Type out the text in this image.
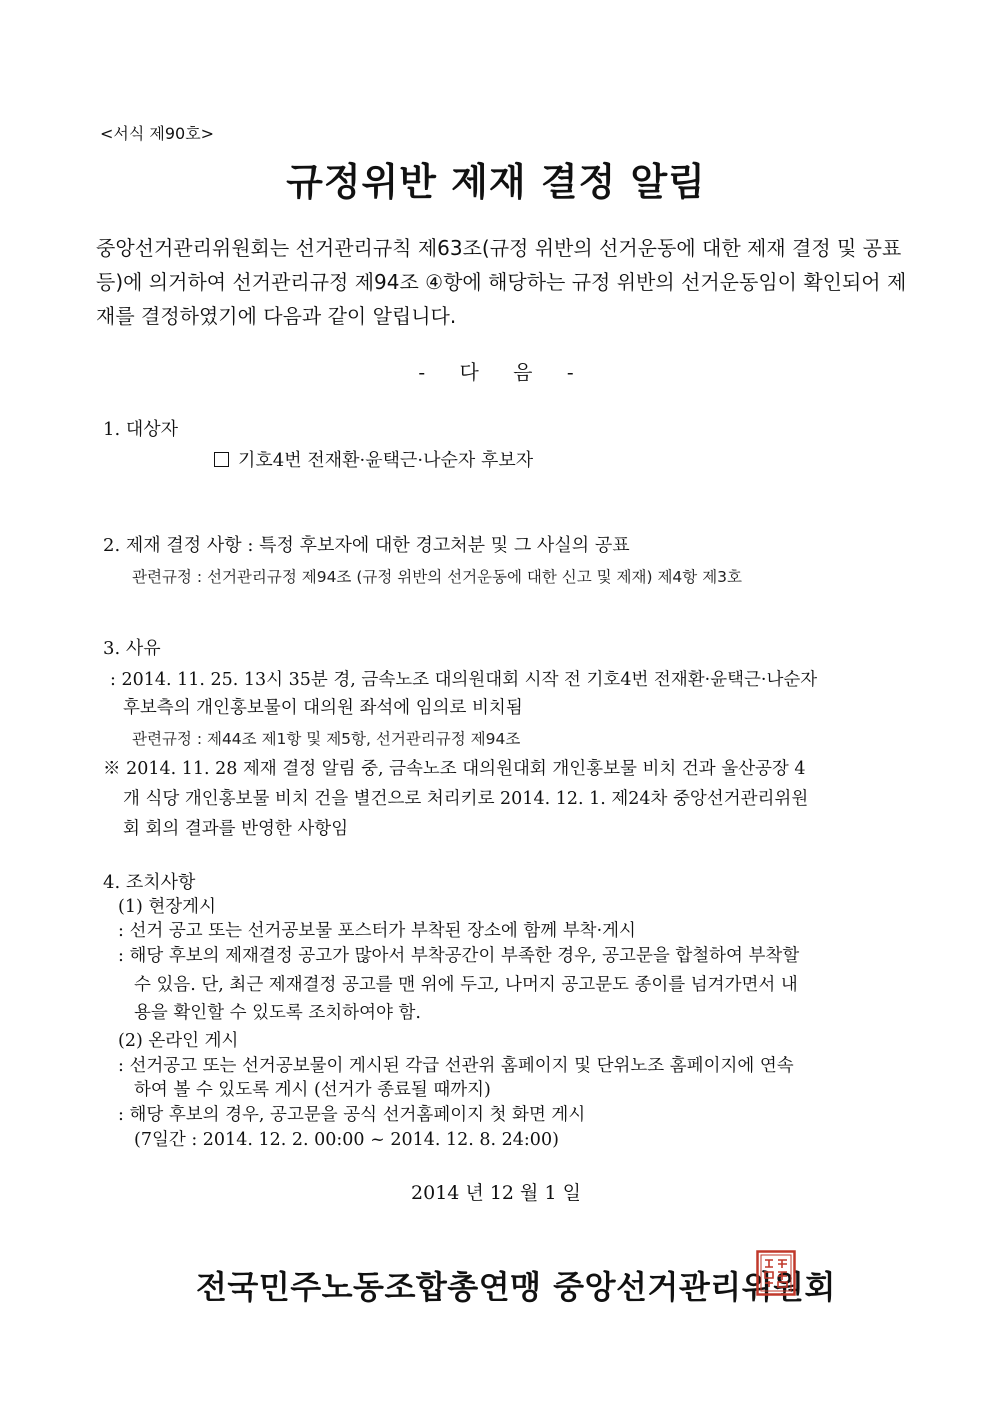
<서식 제90호>
규정위반 제재 결정 알림
중앙선거관리위원회는 선거관리규칙 제63조(규정 위반의 선거운동에 대한 제재 결정 및 공표
등)에 의거하여 선거관리규정 제94조 ④항에 해당하는 규정 위반의 선거운동임이 확인되어 제
재를 결정하였기에 다음과 같이 알립니다.
- 다 음 -
1. 대상자
기호4번 전재환·윤택근·나순자 후보자
2. 제재 결정 사항 : 특정 후보자에 대한 경고처분 및 그 사실의 공표
관련규정 : 선거관리규정 제94조 (규정 위반의 선거운동에 대한 신고 및 제재) 제4항 제3호
3. 사유
: 2014. 11. 25. 13시 35분 경, 금속노조 대의원대회 시작 전 기호4번 전재환·윤택근·나순자
후보측의 개인홍보물이 대의원 좌석에 임의로 비치됨
관련규정 : 제44조 제1항 및 제5항, 선거관리규정 제94조
※ 2014. 11. 28 제재 결정 알림 중, 금속노조 대의원대회 개인홍보물 비치 건과 울산공장 4
개 식당 개인홍보물 비치 건을 별건으로 처리키로 2014. 12. 1. 제24차 중앙선거관리위원
회 회의 결과를 반영한 사항임
4. 조치사항
(1) 현장게시
: 선거 공고 또는 선거공보물 포스터가 부착된 장소에 함께 부착·게시
: 해당 후보의 제재결정 공고가 많아서 부착공간이 부족한 경우, 공고문을 합철하여 부착할
수 있음. 단, 최근 제재결정 공고를 맨 위에 두고, 나머지 공고문도 종이를 넘겨가면서 내
용을 확인할 수 있도록 조치하여야 함.
(2) 온라인 게시
: 선거공고 또는 선거공보물이 게시된 각급 선관위 홈페이지 및 단위노조 홈페이지에 연속
하여 볼 수 있도록 게시 (선거가 종료될 때까지)
: 해당 후보의 경우, 공고문을 공식 선거홈페이지 첫 화면 게시
(7일간 : 2014. 12. 2. 00:00 ~ 2014. 12. 8. 24:00)
2014 년 12 월 1 일
전국민주노동조합총연맹 중앙선거관리위원회
